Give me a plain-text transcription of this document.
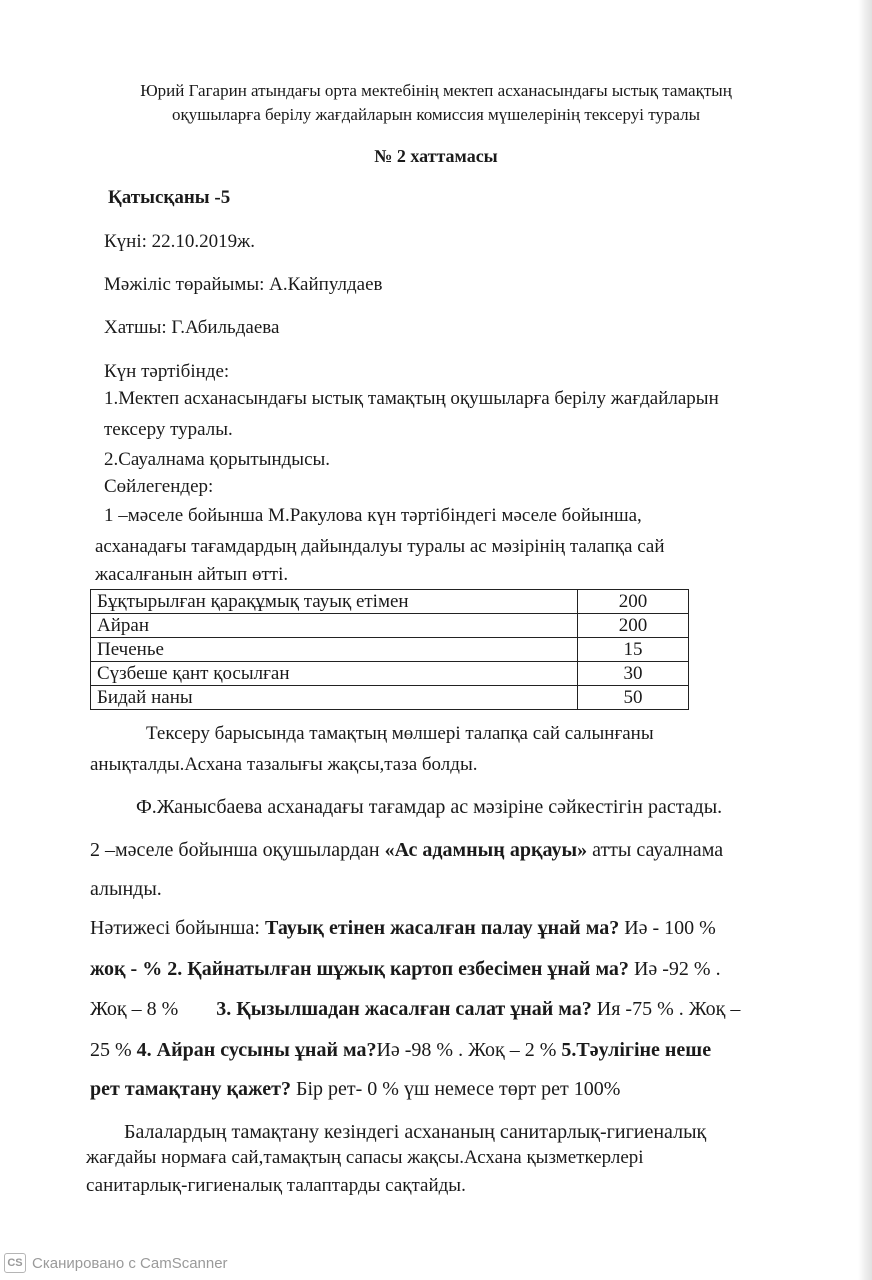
Юрий Гагарин атындағы орта мектебінің мектеп асханасындағы ыстық тамақтың
оқушыларға берілу жағдайларын комиссия мүшелерінің тексеруі туралы
№ 2 хаттамасы
Қатысқаны -5
Күні: 22.10.2019ж.
Мәжіліс төрайымы: А.Кайпулдаев
Хатшы: Г.Абильдаева
Күн тәртібінде:
1.Мектеп асханасындағы ыстық тамақтың оқушыларға берілу жағдайларын
тексеру туралы.
2.Сауалнама қорытындысы.
Сөйлегендер:
1 –мәселе бойынша М.Ракулова күн тәртібіндегі мәселе бойынша,
асханадағы тағамдардың дайындалуы туралы ас мәзірінің талапқа сай
жасалғанын айтып өтті.
Бұқтырылған қарақұмық тауық етімен	200
Айран	200
Печенье	15
Сүзбеше қант қосылған	30
Бидай наны	50
Тексеру барысында тамақтың мөлшері талапқа сай салынғаны
анықталды.Асхана тазалығы жақсы,таза болды.
Ф.Жанысбаева асханадағы тағамдар ас мәзіріне сәйкестігін растады.
2 –мәселе бойынша оқушылардан «Ас адамның арқауы» атты сауалнама
алынды.
Нәтижесі бойынша: Тауық етінен жасалған палау ұнай ма? Иә - 100 %
жоқ - % 2. Қайнатылған шұжық картоп езбесімен ұнай ма? Иә -92 % .
Жоқ – 8 % 3. Қызылшадан жасалған салат ұнай ма? Ия -75 % . Жоқ –
25 % 4. Айран сусыны ұнай ма?Иә -98 % . Жоқ – 2 % 5.Тәулігіне неше
рет тамақтану қажет? Бір рет- 0 % үш немесе төрт рет 100%
Балалардың тамақтану кезіндегі асхананың санитарлық-гигиеналық
жағдайы нормаға сай,тамақтың сапасы жақсы.Асхана қызметкерлері
санитарлық-гигиеналық талаптарды сақтайды.
CS Сканировано с CamScanner
